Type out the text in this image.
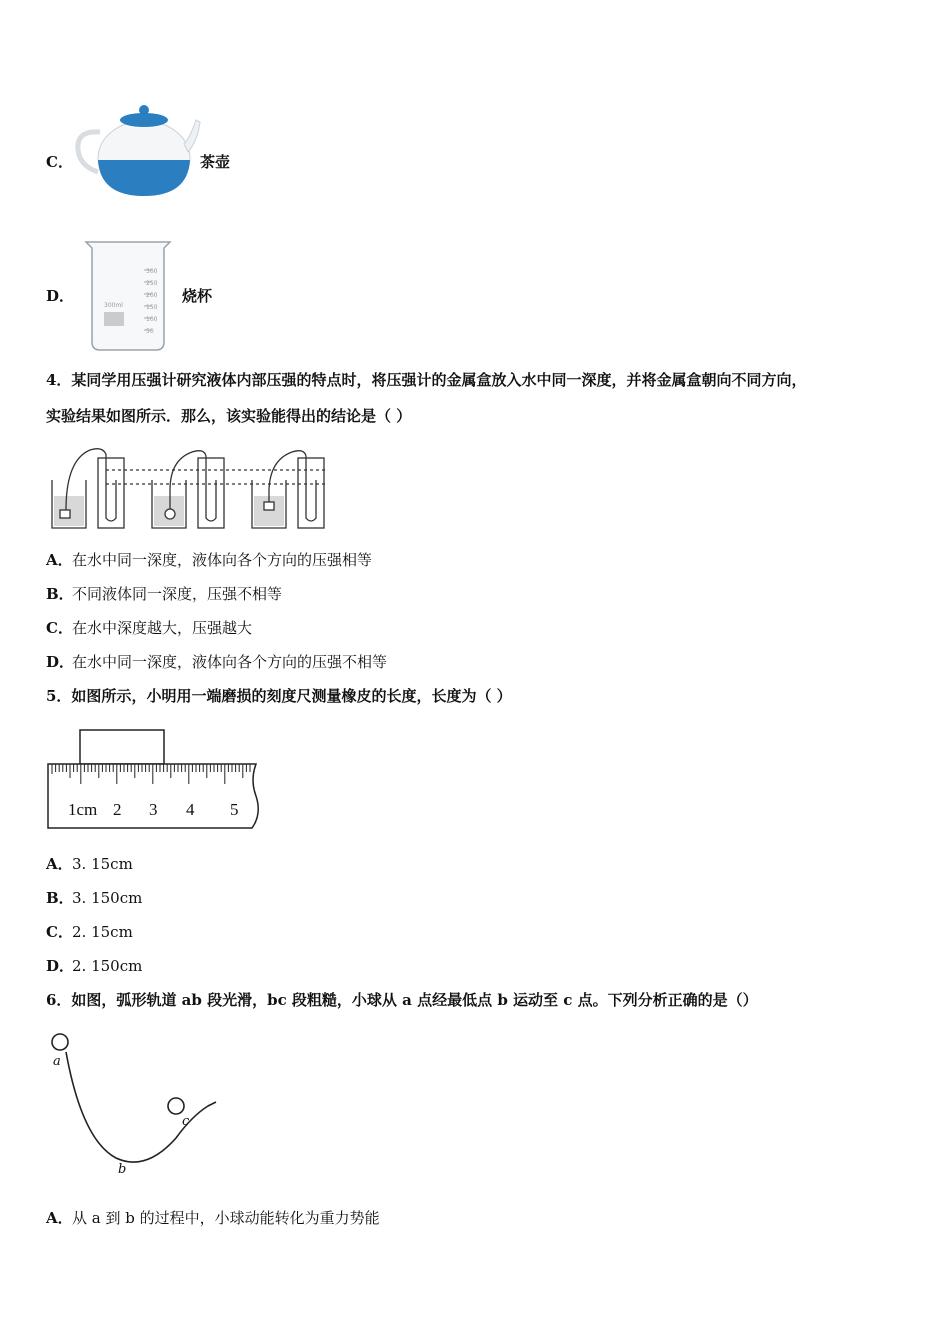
C．	茶壶
D．
300
250
200
150
100
50
300ml
烧杯
4．某同学用压强计研究液体内部压强的特点时，将压强计的金属盒放入水中同一深度，并将金属盒朝向不同方向，
实验结果如图所示．那么，该实验能得出的结论是（ ）
A．在水中同一深度，液体向各个方向的压强相等
B．不同液体同一深度，压强不相等
C．在水中深度越大，压强越大
D．在水中同一深度，液体向各个方向的压强不相等
5．如图所示，小明用一端磨损的刻度尺测量橡皮的长度，长度为（ ）
1cm 2 3 4 5
A．3. 15cm
B．3. 150cm
C．2. 15cm
D．2. 150cm
6．如图，弧形轨道 ab 段光滑，bc 段粗糙，小球从 a 点经最低点 b 运动至 c 点。下列分析正确的是（）
a
b
c
A．从 a 到 b 的过程中，小球动能转化为重力势能
